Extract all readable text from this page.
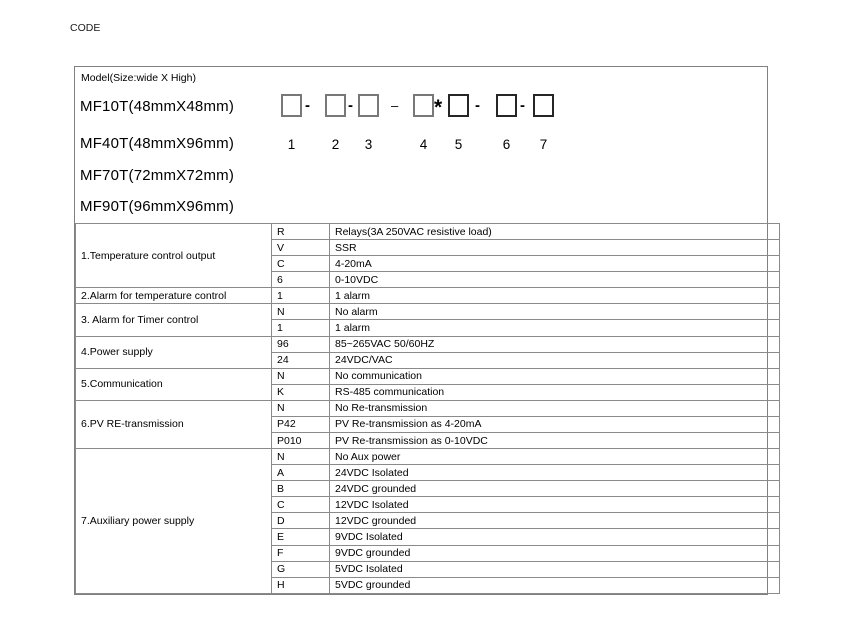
CODE
Model(Size:wide X High)
MF10T(48mmX48mm)
MF40T(48mmX96mm)
MF70T(72mmX72mm)
MF90T(96mmX96mm)
-	-	– * -	-
1	2	3	4	5	6	7
1.Temperature control output	R	Relays(3A 250VAC resistive load)
	V	SSR
	C	4-20mA
	6	0-10VDC
2.Alarm for temperature control	1	1 alarm
3. Alarm for Timer control	N	No alarm
	1	1 alarm
4.Power supply	96	85~265VAC 50/60HZ
	24	24VDC/VAC
5.Communication	N	No communication
	K	RS-485 communication
6.PV RE-transmission	N	No Re-transmission
	P42	PV Re-transmission as 4-20mA
	P010	PV Re-transmission as 0-10VDC
7.Auxiliary power supply	N	No Aux power
	A	24VDC Isolated
	B	24VDC grounded
	C	12VDC Isolated
	D	12VDC grounded
	E	9VDC Isolated
	F	9VDC grounded
	G	5VDC Isolated
	H	5VDC grounded
